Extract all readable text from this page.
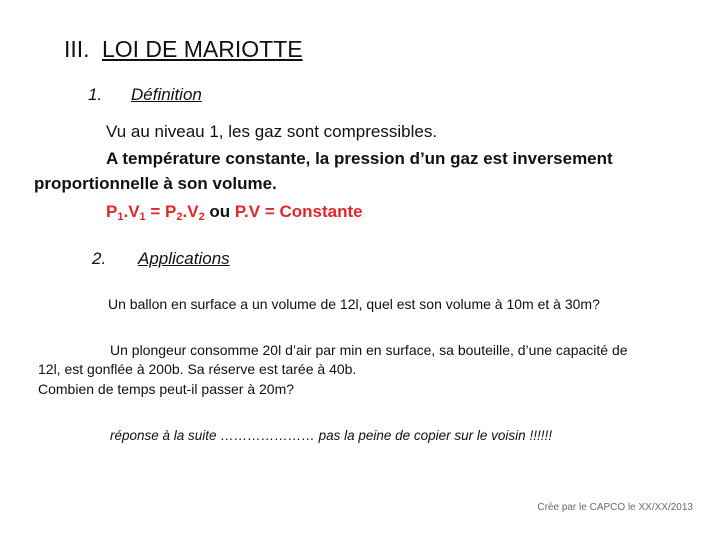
III. LOI DE MARIOTTE
1. Définition
Vu au niveau 1, les gaz sont compressibles.
A température constante, la pression d’un gaz est inversement
proportionnelle à son volume.
$P_1.V_1 = P_2.V_2$ ou P.V = Constante
2. Applications
Un ballon en surface a un volume de 12l, quel est son volume à 10m et à 30m?
Un plongeur consomme 20l d’air par min en surface, sa bouteille, d’une capacité de
12l, est gonflée à 200b. Sa réserve est tarée à 40b.
Combien de temps peut-il passer à 20m?
réponse à la suite ………………… pas la peine de copier sur le voisin !!!!!!
Crée par le CAPCO le XX/XX/2013
